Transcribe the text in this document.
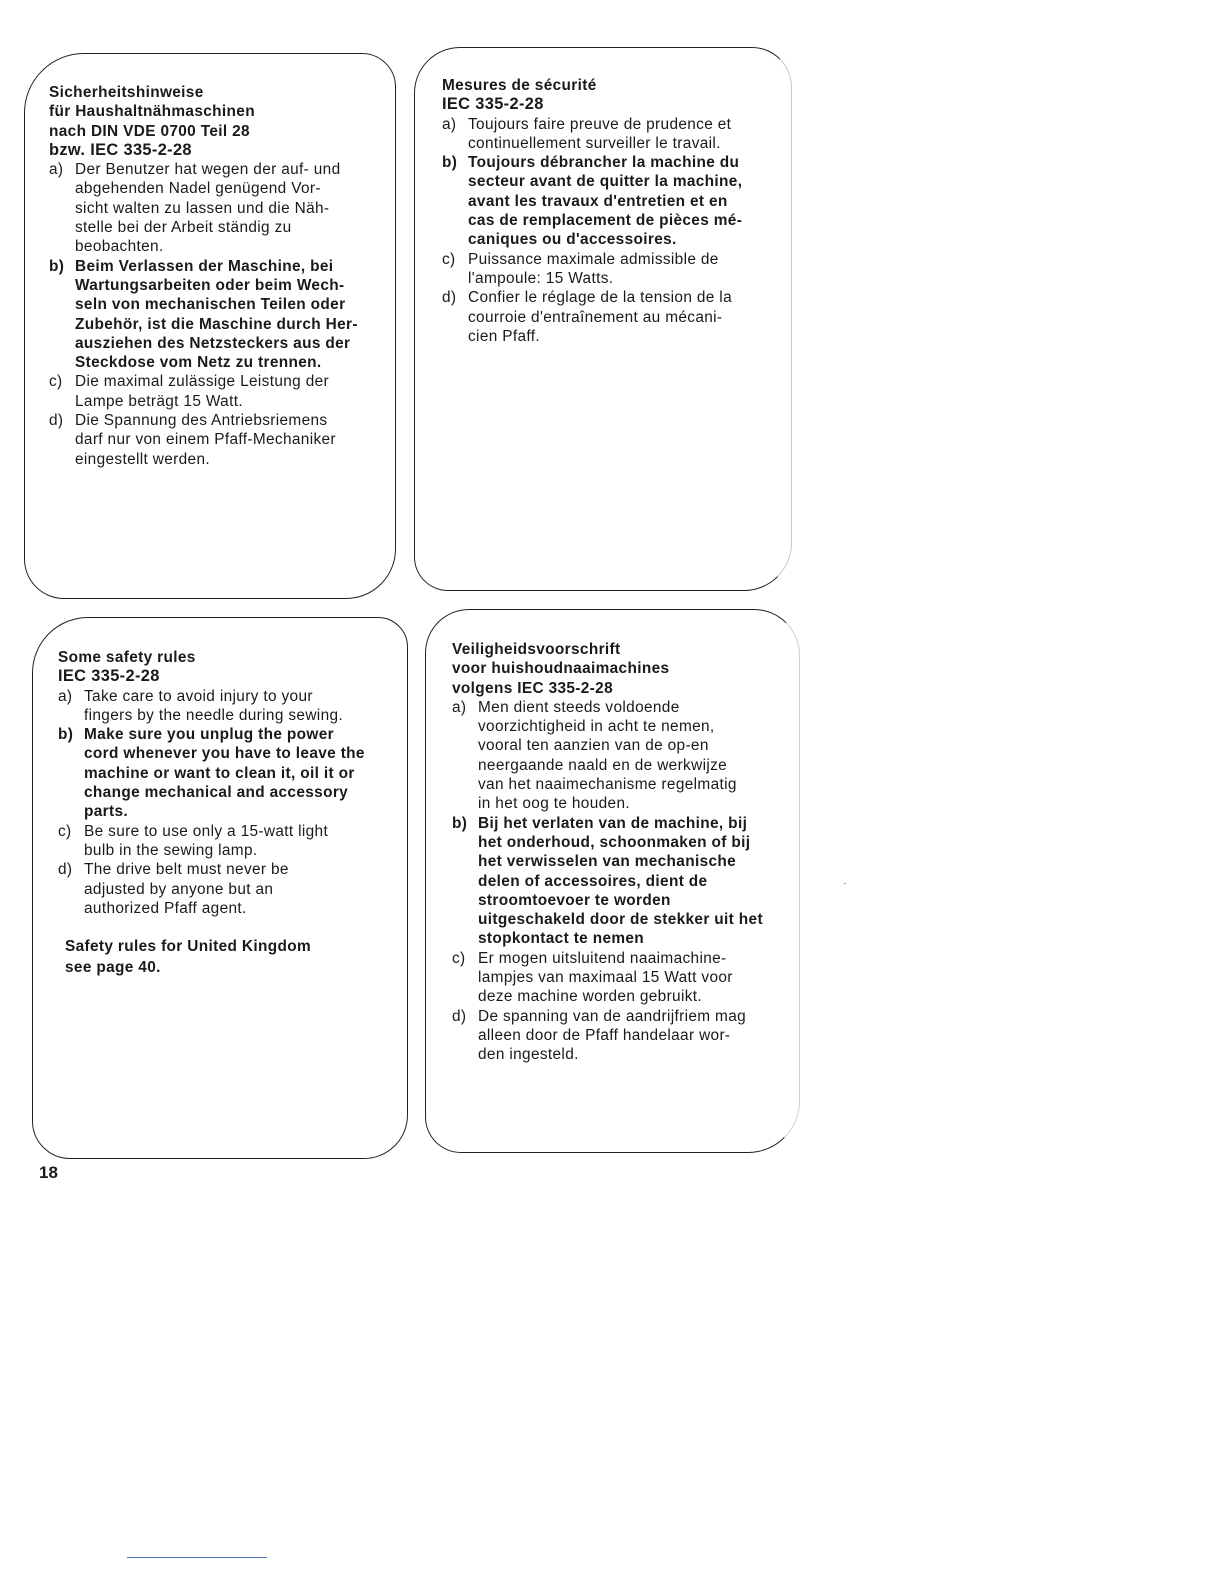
Sicherheitshinweise
für Haushaltnähmaschinen
nach DIN VDE 0700 Teil 28
bzw. IEC 335-2-28
a) Der Benutzer hat wegen der auf- und
abgehenden Nadel genügend Vor-
sicht walten zu lassen und die Näh-
stelle bei der Arbeit ständig zu
beobachten.
b) Beim Verlassen der Maschine, bei
Wartungsarbeiten oder beim Wech-
seln von mechanischen Teilen oder
Zubehör, ist die Maschine durch Her-
ausziehen des Netzsteckers aus der
Steckdose vom Netz zu trennen.
c) Die maximal zulässige Leistung der
Lampe beträgt 15 Watt.
d) Die Spannung des Antriebsriemens
darf nur von einem Pfaff-Mechaniker
eingestellt werden.
Mesures de sécurité
IEC 335-2-28
a) Toujours faire preuve de prudence et
continuellement surveiller le travail.
b) Toujours débrancher la machine du
secteur avant de quitter la machine,
avant les travaux d'entretien et en
cas de remplacement de pièces mé-
caniques ou d'accessoires.
c) Puissance maximale admissible de
l'ampoule: 15 Watts.
d) Confier le réglage de la tension de la
courroie d'entraînement au mécani-
cien Pfaff.
Some safety rules
IEC 335-2-28
a) Take care to avoid injury to your
fingers by the needle during sewing.
b) Make sure you unplug the power
cord whenever you have to leave the
machine or want to clean it, oil it or
change mechanical and accessory
parts.
c) Be sure to use only a 15-watt light
bulb in the sewing lamp.
d) The drive belt must never be
adjusted by anyone but an
authorized Pfaff agent.
Safety rules for United Kingdom
see page 40.
Veiligheidsvoorschrift
voor huishoudnaaimachines
volgens IEC 335-2-28
a) Men dient steeds voldoende
voorzichtigheid in acht te nemen,
vooral ten aanzien van de op-en
neergaande naald en de werkwijze
van het naaimechanisme regelmatig
in het oog te houden.
b) Bij het verlaten van de machine, bij
het onderhoud, schoonmaken of bij
het verwisselen van mechanische
delen of accessoires, dient de
stroomtoevoer te worden
uitgeschakeld door de stekker uit het
stopkontact te nemen
c) Er mogen uitsluitend naaimachine-
lampjes van maximaal 15 Watt voor
deze machine worden gebruikt.
d) De spanning van de aandrijfriem mag
alleen door de Pfaff handelaar wor-
den ingesteld.
18
